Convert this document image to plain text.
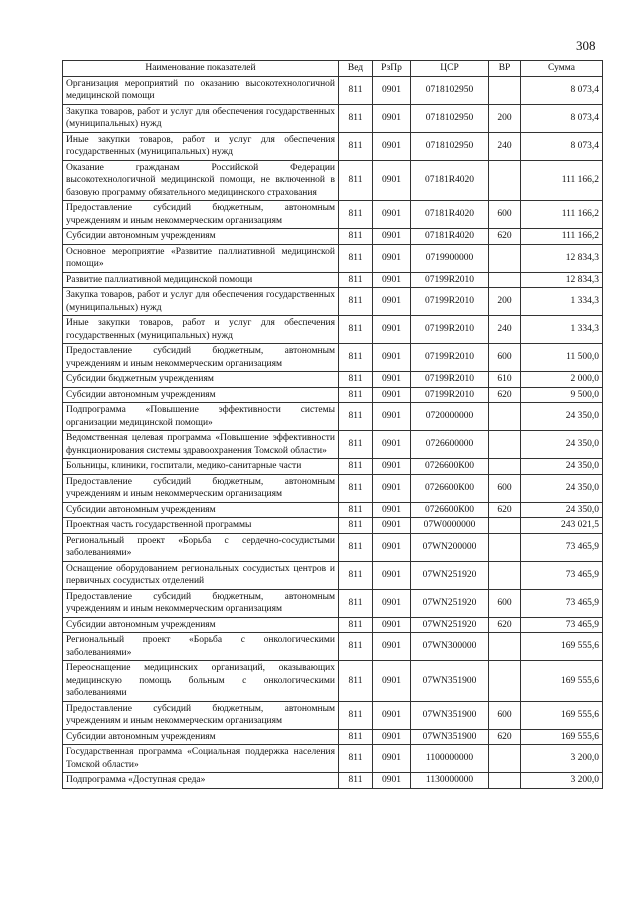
308
Наименование показателей	Вед	РзПр	ЦСР	ВР	Сумма
Организация мероприятий по оказанию высокотехнологичной медицинской помощи	811	0901	0718102950		8 073,4
Закупка товаров, работ и услуг для обеспечения государственных (муниципальных) нужд	811	0901	0718102950	200	8 073,4
Иные закупки товаров, работ и услуг для обеспечения государственных (муниципальных) нужд	811	0901	0718102950	240	8 073,4
Оказание гражданам Российской Федерации высокотехнологичной медицинской помощи, не включенной в базовую программу обязательного медицинского страхования	811	0901	07181R4020		111 166,2
Предоставление субсидий бюджетным, автономным учреждениям и иным некоммерческим организациям	811	0901	07181R4020	600	111 166,2
Субсидии автономным учреждениям	811	0901	07181R4020	620	111 166,2
Основное мероприятие «Развитие паллиативной медицинской помощи»	811	0901	0719900000		12 834,3
Развитие паллиативной медицинской помощи	811	0901	07199R2010		12 834,3
Закупка товаров, работ и услуг для обеспечения государственных (муниципальных) нужд	811	0901	07199R2010	200	1 334,3
Иные закупки товаров, работ и услуг для обеспечения государственных (муниципальных) нужд	811	0901	07199R2010	240	1 334,3
Предоставление субсидий бюджетным, автономным учреждениям и иным некоммерческим организациям	811	0901	07199R2010	600	11 500,0
Субсидии бюджетным учреждениям	811	0901	07199R2010	610	2 000,0
Субсидии автономным учреждениям	811	0901	07199R2010	620	9 500,0
Подпрограмма «Повышение эффективности системы организации медицинской помощи»	811	0901	0720000000		24 350,0
Ведомственная целевая программа «Повышение эффективности функционирования системы здравоохранения Томской области»	811	0901	0726600000		24 350,0
Больницы, клиники, госпитали, медико-санитарные части	811	0901	0726600К00		24 350,0
Предоставление субсидий бюджетным, автономным учреждениям и иным некоммерческим организациям	811	0901	0726600К00	600	24 350,0
Субсидии автономным учреждениям	811	0901	0726600К00	620	24 350,0
Проектная часть государственной программы	811	0901	07W0000000		243 021,5
Региональный проект «Борьба с сердечно-сосудистыми заболеваниями»	811	0901	07WN200000		73 465,9
Оснащение оборудованием региональных сосудистых центров и первичных сосудистых отделений	811	0901	07WN251920		73 465,9
Предоставление субсидий бюджетным, автономным учреждениям и иным некоммерческим организациям	811	0901	07WN251920	600	73 465,9
Субсидии автономным учреждениям	811	0901	07WN251920	620	73 465,9
Региональный проект «Борьба с онкологическими заболеваниями»	811	0901	07WN300000		169 555,6
Переоснащение медицинских организаций, оказывающих медицинскую помощь больным с онкологическими заболеваниями	811	0901	07WN351900		169 555,6
Предоставление субсидий бюджетным, автономным учреждениям и иным некоммерческим организациям	811	0901	07WN351900	600	169 555,6
Субсидии автономным учреждениям	811	0901	07WN351900	620	169 555,6
Государственная программа «Социальная поддержка населения Томской области»	811	0901	1100000000		3 200,0
Подпрограмма «Доступная среда»	811	0901	1130000000		3 200,0
